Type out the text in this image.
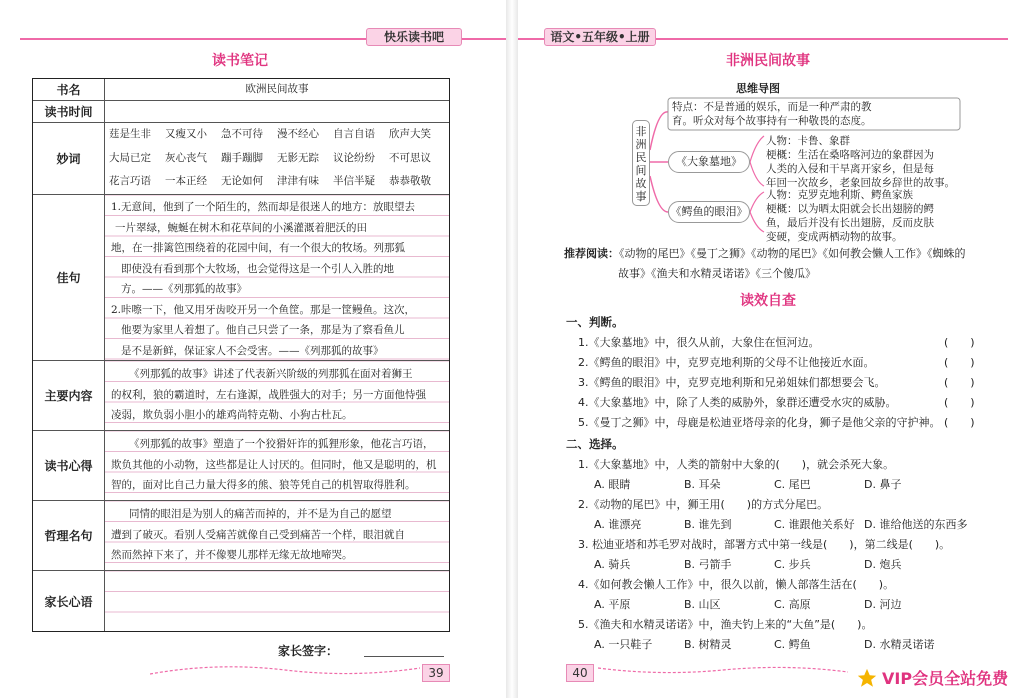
快乐读书吧
读书笔记
书名	欧洲民间故事
读书时间
妙词
莛是生非	又瘦又小	急不可待	漫不经心	自言自语	欣声大笑
大局已定	灰心丧气	蹦手蹦脚	无影无踪	议论纷纷	不可思议
花言巧语	一本正经	无论如何	津津有味	半信半疑	恭恭敬敬
佳句
1.无意间，他到了一个陌生的，然而却是很迷人的地方：放眼望去
一片翠绿，蜿蜒在树木和花草间的小溪灌溉着肥沃的田
地，在一排篱笆围绕着的花园中间，有一个很大的牧场。列那狐
即使没有看到那个大牧场，也会觉得这是一个引人入胜的地
方。——《列那狐的故事》
2.咔嚓一下，他又用牙齿咬开另一个鱼筐。那是一筐鳗鱼。这次，
他要为家里人着想了。他自己只尝了一条，那是为了察看鱼儿
是不是新鲜，保证家人不会受害。——《列那狐的故事》
主要内容
《列那狐的故事》讲述了代表新兴阶级的列那狐在面对着狮王
的权利，狼的霸道时，左右逢源，战胜强大的对手；另一方面他恃强
凌弱，欺负弱小胆小的雄鸡尚特克勒、小狗古杜瓦。
读书心得
《列那狐的故事》塑造了一个狡猾奸诈的狐狸形象，他花言巧语，
欺负其他的小动物，这些都是让人讨厌的。但同时，他又是聪明的，机
智的，面对比自己力量大得多的熊、狼等凭自己的机智取得胜利。
哲理名句
同情的眼泪是为别人的痛苦而掉的，并不是为自己的愿望
遭到了破灭。看别人受痛苦就像自己受到痛苦一个样，眼泪就自
然而然掉下来了，并不像婴儿那样无缘无故地啼哭。
家长心语
家长签字：
39
语文•五年级•上册
非洲民间故事
思维导图
非洲民间故事
特点：不是普通的娱乐，而是一种严肃的教
育。听众对每个故事持有一种敬畏的态度。
《大象墓地》
人物：卡鲁、象群
梗概：生活在桑咯喀河边的象群因为
人类的入侵和干旱离开家乡，但是每
年回一次故乡，老象回故乡辞世的故事。
《鳄鱼的眼泪》
人物：克罗克地利斯、鳄鱼家族
梗概：以为晒太阳就会长出翅膀的鳄
鱼，最后并没有长出翅膀，反而皮肤
变硬，变成两栖动物的故事。
推荐阅读：《动物的尾巴》《曼丁之狮》《动物的尾巴》《如何教会懒人工作》《蜘蛛的
故事》《渔夫和水精灵诺诺》《三个傻瓜》
读效自查
一、判断。
1.《大象墓地》中，很久从前，大象住在恒河边。	(　　)
2.《鳄鱼的眼泪》中，克罗克地利斯的父母不让他接近水面。	(　　)
3.《鳄鱼的眼泪》中，克罗克地利斯和兄弟姐妹们都想要会飞。	(　　)
4.《大象墓地》中，除了人类的威胁外，象群还遭受水灾的威胁。	(　　)
5.《曼丁之狮》中，母鹿是松迪亚塔母亲的化身，狮子是他父亲的守护神。 (　　)
二、选择。
1.《大象墓地》中，人类的箭射中大象的(　　)，就会杀死大象。
A. 眼睛	B. 耳朵	C. 尾巴	D. 鼻子
2.《动物的尾巴》中，狮王用(　　)的方式分尾巴。
A. 谁漂亮	B. 谁先到	C. 谁跟他关系好 D. 谁给他送的东西多
3. 松迪亚塔和苏毛罗对战时，部署方式中第一线是(　　)，第二线是(　　)。
A. 骑兵	B. 弓箭手	C. 步兵	D. 炮兵
4.《如何教会懒人工作》中，很久以前，懒人部落生活在(　　)。
A. 平原	B. 山区	C. 高原	D. 河边
5.《渔夫和水精灵诺诺》中，渔夫钓上来的“大鱼”是(　　)。
A. 一只鞋子	B. 树精灵	C. 鳄鱼	D. 水精灵诺诺
40	VIP会员全站免费
